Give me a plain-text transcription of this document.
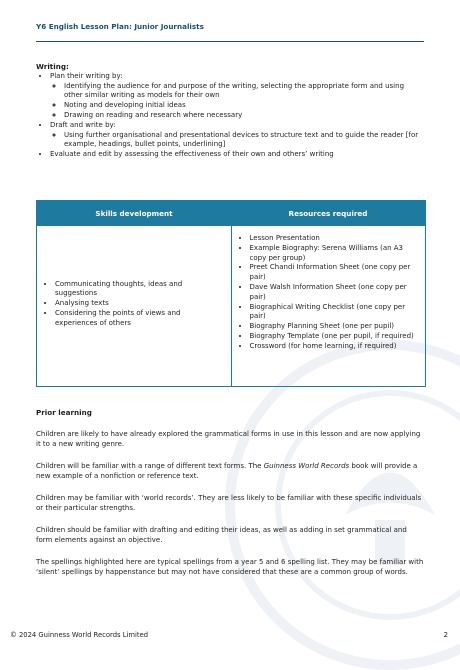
Y6 English Lesson Plan: Junior Journalists

Writing:

• Plan their writing by:
◦ Identifying the audience for and purpose of the writing, selecting the appropriate form and using other similar writing as models for their own
◦ Noting and developing initial ideas
◦ Drawing on reading and research where necessary
• Draft and write by:
◦ Using further organisational and presentational devices to structure text and to guide the reader [for example, headings, bullet points, underlining]
• Evaluate and edit by assessing the effectiveness of their own and others’ writing
Skills development	Resources required
• Communicating thoughts, ideas and suggestions
• Analysing texts
• Considering the points of views and experiences of others
• Lesson Presentation
• Example Biography: Serena Williams (an A3 copy per group)
• Preet Chandi Information Sheet (one copy per pair)
• Dave Walsh Information Sheet (one copy per pair)
• Biographical Writing Checklist (one copy per pair)
• Biography Planning Sheet (one per pupil)
• Biography Template (one per pupil, if required)
• Crossword (for home learning, if required)

Prior learning

Children are likely to have already explored the grammatical forms in use in this lesson and are now applying it to a new writing genre.

Children will be familiar with a range of different text forms. The Guinness World Records book will provide a new example of a nonfiction or reference text.

Children may be familiar with ‘world records’. They are less likely to be familiar with these specific individuals or their particular strengths.

Children should be familiar with drafting and editing their ideas, as well as adding in set grammatical and form elements against an objective.

The spellings highlighted here are typical spellings from a year 5 and 6 spelling list. They may be familiar with ‘silent’ spellings by happenstance but may not have considered that these are a common group of words.

© 2024 Guinness World Records Limited	2
